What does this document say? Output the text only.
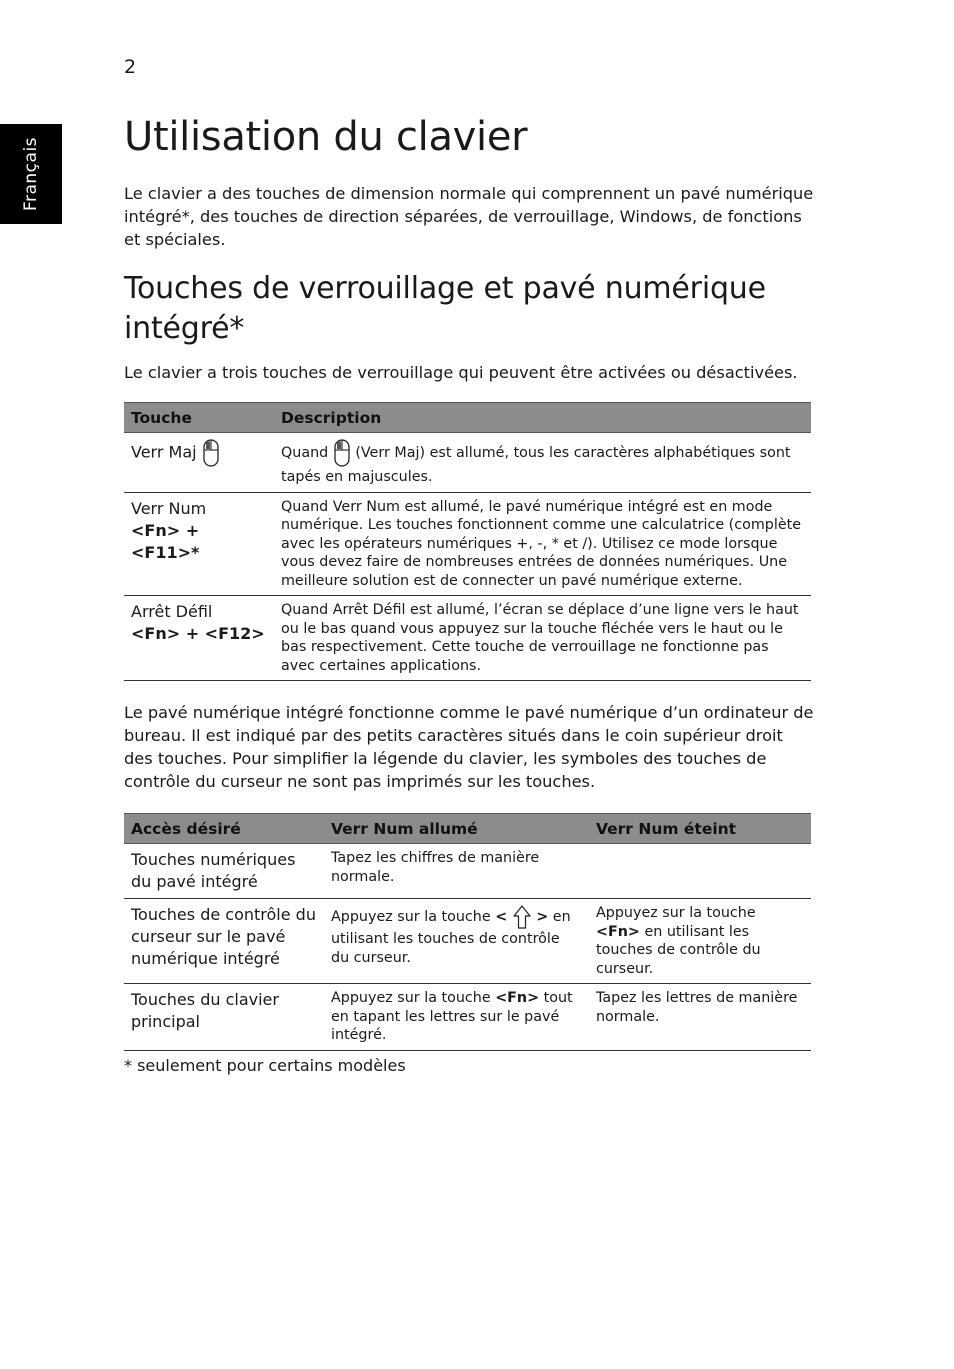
2
Français Utilisation du clavier

Le clavier a des touches de dimension normale qui comprennent un pavé numérique intégré*, des touches de direction séparées, de verrouillage, Windows, de fonctions et spéciales.

Touches de verrouillage et pavé numérique intégré*

Le clavier a trois touches de verrouillage qui peuvent être activées ou désactivées.

Touche	Description
Verr Maj	Quand (Verr Maj) est allumé, tous les caractères alphabétiques sont tapés en majuscules.

Verr Num
<Fn> + <F11>*	Quand Verr Num est allumé, le pavé numérique intégré est en mode numérique. Les touches fonctionnent comme une calculatrice (complète avec les opérateurs numériques +, -, * et /). Utilisez ce mode lorsque vous devez faire de nombreuses entrées de données numériques. Une meilleure solution est de connecter un pavé numérique externe.

Arrêt Défil
<Fn> + <F12>	Quand Arrêt Défil est allumé, l’écran se déplace d’une ligne vers le haut ou le bas quand vous appuyez sur la touche fléchée vers le haut ou le bas respectivement. Cette touche de verrouillage ne fonctionne pas avec certaines applications.

Le pavé numérique intégré fonctionne comme le pavé numérique d’un ordinateur de bureau. Il est indiqué par des petits caractères situés dans le coin supérieur droit des touches. Pour simplifier la légende du clavier, les symboles des touches de contrôle du curseur ne sont pas imprimés sur les touches.

Accès désiré	Verr Num allumé	Verr Num éteint
Touches numériques du pavé intégré	Tapez les chiffres de manière normale.	
Touches de contrôle du curseur sur le pavé numérique intégré	Appuyez sur la touche < > en utilisant les touches de contrôle du curseur.	Appuyez sur la touche <Fn> en utilisant les touches de contrôle du curseur.
Touches du clavier principal	Appuyez sur la touche <Fn> tout en tapant les lettres sur le pavé intégré.	Tapez les lettres de manière normale.
* seulement pour certains modèles
